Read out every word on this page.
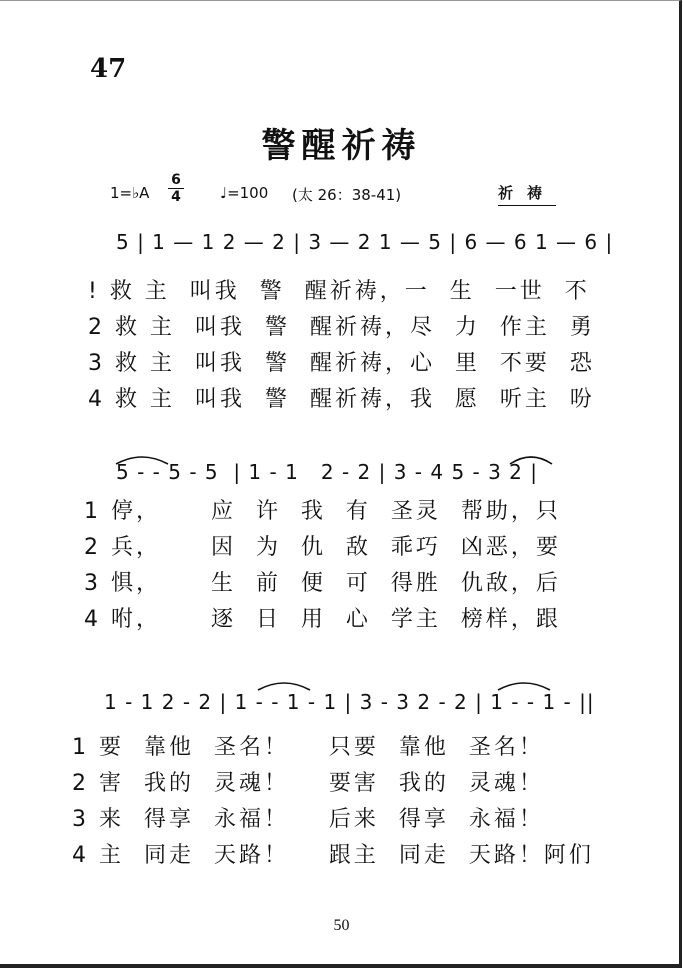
47
警醒祈祷
1=♭A $\frac{6}{4}$ ♩=100 (太 26：38-41)	祈祷
5 | 1 — 1 2 — 2 | 3 — 2 1 — 5 | 6 — 6 1 — 6 |
! 救 主  叫我  警  醒祈祷，一  生  一世  不
2 救 主  叫我  警  醒祈祷，尽  力  作主  勇
3 救 主  叫我  警  醒祈祷，心  里  不要  恐
4 救 主  叫我  警  醒祈祷，我  愿  听主  吩
5 - - 5 - 5  | 1 - 1   2 - 2 | 3 - 4 5 - 3 2 |
1 停，     应  许  我  有  圣灵  帮助，只
2 兵，     因  为  仇  敌  乖巧  凶恶，要
3 惧，     生  前  便  可  得胜  仇敌，后
4 咐，     逐  日  用  心  学主  榜样，跟
1 - 1 2 - 2 | 1 - - 1 - 1 | 3 - 3 2 - 2 | 1 - - 1 - ||
1 要  靠他  圣名！    只要  靠他  圣名！
2 害  我的  灵魂！    要害  我的  灵魂！
3 来  得享  永福！    后来  得享  永福！
4 主  同走  天路！    跟主  同走  天路！阿们
50
